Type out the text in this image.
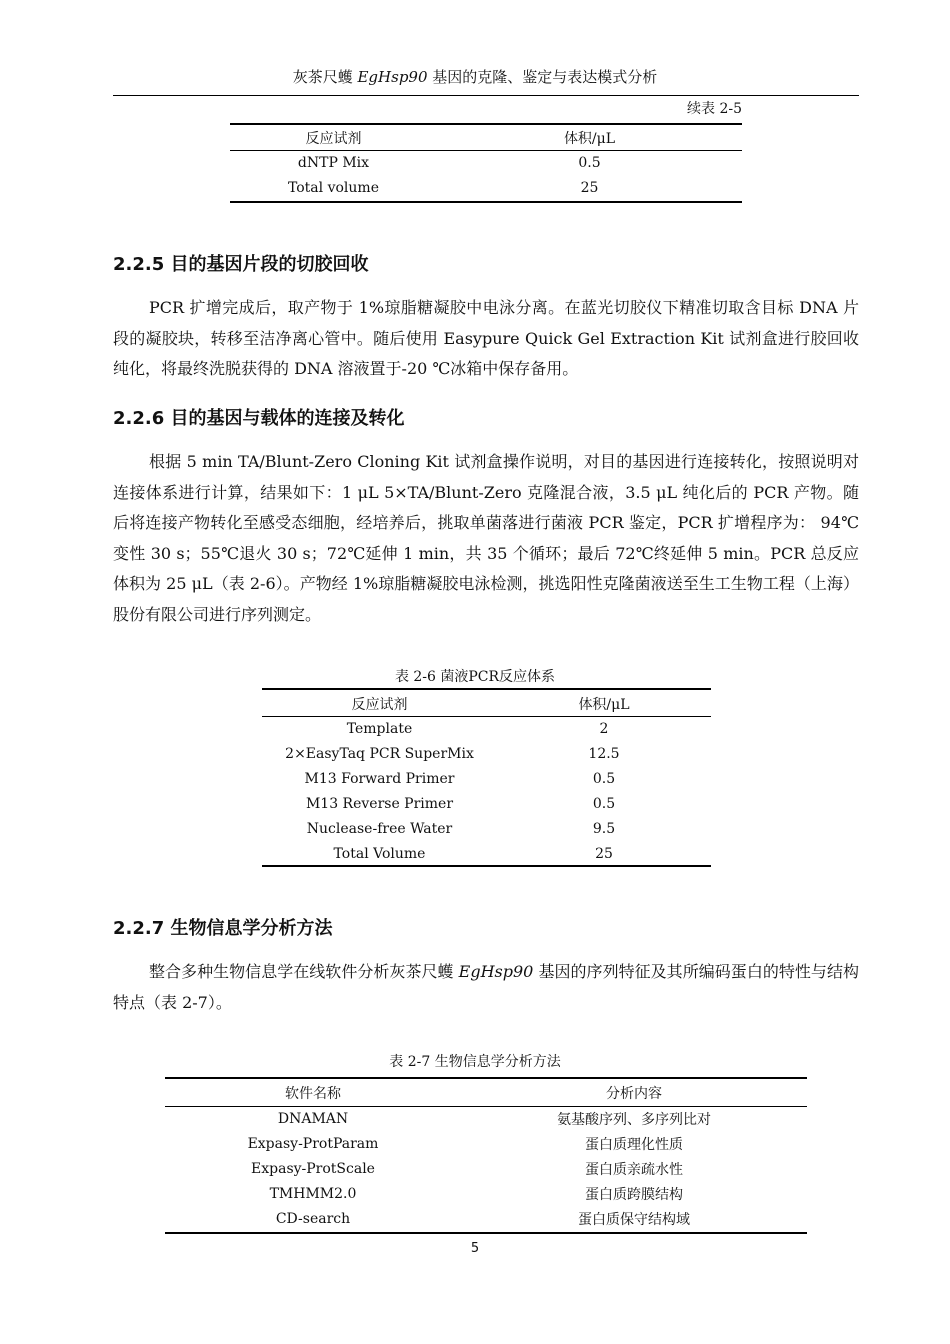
灰茶尺蠖 EgHsp90 基因的克隆、鉴定与表达模式分析
续表 2-5
反应试剂	体积/μL
dNTP Mix	0.5
Total volume	25
2.2.5 目的基因片段的切胶回收
PCR 扩增完成后，取产物于 1%琼脂糖凝胶中电泳分离。在蓝光切胶仪下精准切取含目标 DNA 片段的凝胶块，转移至洁净离心管中。随后使用 Easypure Quick Gel Extraction Kit 试剂盒进行胶回收纯化，将最终洗脱获得的 DNA 溶液置于-20 ℃冰箱中保存备用。
2.2.6 目的基因与载体的连接及转化
根据 5 min TA/Blunt-Zero Cloning Kit 试剂盒操作说明，对目的基因进行连接转化，按照说明对连接体系进行计算，结果如下：1 μL 5×TA/Blunt-Zero 克隆混合液，3.5 μL 纯化后的 PCR 产物。随后将连接产物转化至感受态细胞，经培养后，挑取单菌落进行菌液 PCR 鉴定，PCR 扩增程序为： 94℃变性 30 s；55℃退火 30 s；72℃延伸 1 min，共 35 个循环；最后 72℃终延伸 5 min。PCR 总反应体积为 25 μL（表 2-6）。产物经 1%琼脂糖凝胶电泳检测，挑选阳性克隆菌液送至生工生物工程（上海）股份有限公司进行序列测定。
表 2-6 菌液PCR反应体系
反应试剂	体积/μL
Template	2
2×EasyTaq PCR SuperMix	12.5
M13 Forward Primer	0.5
M13 Reverse Primer	0.5
Nuclease-free Water	9.5
Total Volume	25
2.2.7 生物信息学分析方法
整合多种生物信息学在线软件分析灰茶尺蠖 EgHsp90 基因的序列特征及其所编码蛋白的特性与结构特点（表 2-7）。
表 2-7 生物信息学分析方法
软件名称	分析内容
DNAMAN	氨基酸序列、多序列比对
Expasy-ProtParam	蛋白质理化性质
Expasy-ProtScale	蛋白质亲疏水性
TMHMM2.0	蛋白质跨膜结构
CD-search	蛋白质保守结构域
5
